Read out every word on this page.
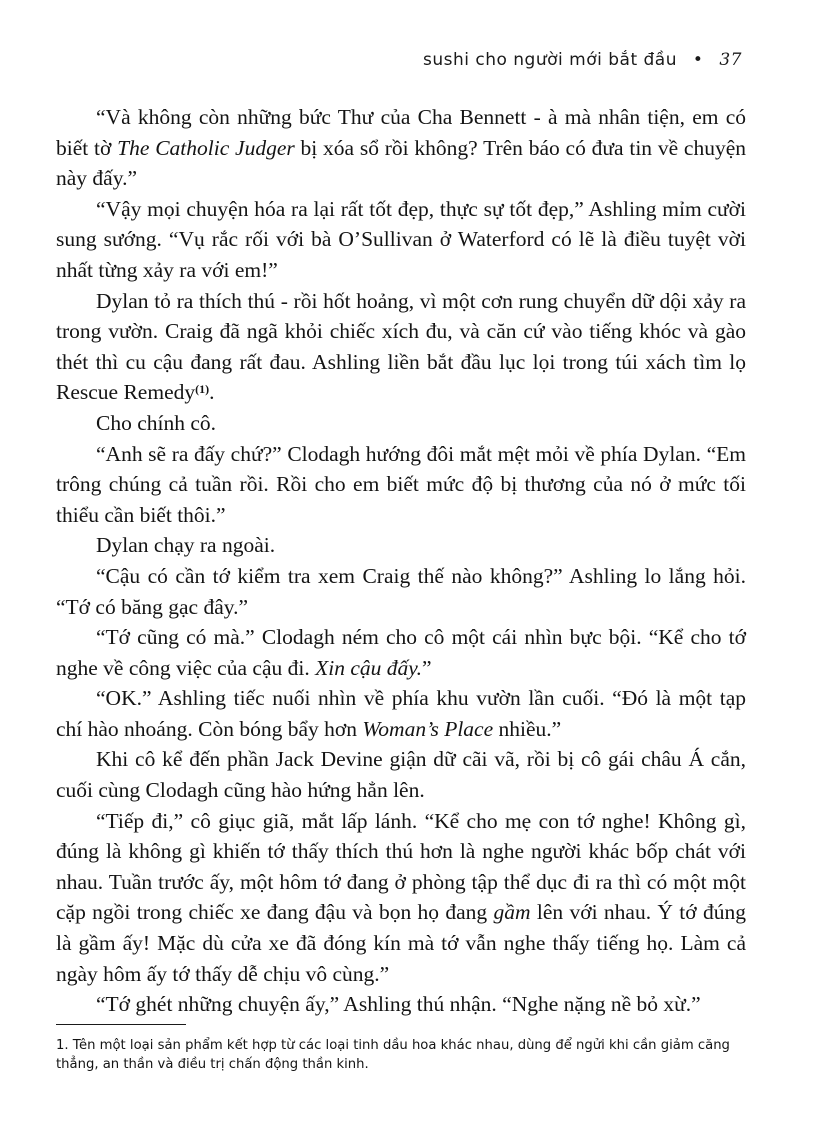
sushi cho người mới bắt đầu • 37

“Và không còn những bức Thư của Cha Bennett - à mà nhân tiện, em có biết tờ The Catholic Judger bị xóa sổ rồi không? Trên báo có đưa tin về chuyện này đấy.”

“Vậy mọi chuyện hóa ra lại rất tốt đẹp, thực sự tốt đẹp,” Ashling mỉm cười sung sướng. “Vụ rắc rối với bà O’Sullivan ở Waterford có lẽ là điều tuyệt vời nhất từng xảy ra với em!”

Dylan tỏ ra thích thú - rồi hốt hoảng, vì một cơn rung chuyển dữ dội xảy ra trong vườn. Craig đã ngã khỏi chiếc xích đu, và căn cứ vào tiếng khóc và gào thét thì cu cậu đang rất đau. Ashling liền bắt đầu lục lọi trong túi xách tìm lọ Rescue Remedy$^{(1)}$.

Cho chính cô.

“Anh sẽ ra đấy chứ?” Clodagh hướng đôi mắt mệt mỏi về phía Dylan. “Em trông chúng cả tuần rồi. Rồi cho em biết mức độ bị thương của nó ở mức tối thiểu cần biết thôi.”

Dylan chạy ra ngoài.

“Cậu có cần tớ kiểm tra xem Craig thế nào không?” Ashling lo lắng hỏi. “Tớ có băng gạc đây.”

“Tớ cũng có mà.” Clodagh ném cho cô một cái nhìn bực bội. “Kể cho tớ nghe về công việc của cậu đi. Xin cậu đấy.”

“OK.” Ashling tiếc nuối nhìn về phía khu vườn lần cuối. “Đó là một tạp chí hào nhoáng. Còn bóng bẩy hơn Woman’s Place nhiều.”

Khi cô kể đến phần Jack Devine giận dữ cãi vã, rồi bị cô gái châu Á cắn, cuối cùng Clodagh cũng hào hứng hẳn lên.

“Tiếp đi,” cô giục giã, mắt lấp lánh. “Kể cho mẹ con tớ nghe! Không gì, đúng là không gì khiến tớ thấy thích thú hơn là nghe người khác bốp chát với nhau. Tuần trước ấy, một hôm tớ đang ở phòng tập thể dục đi ra thì có một một cặp ngồi trong chiếc xe đang đậu và bọn họ đang gầm lên với nhau. Ý tớ đúng là gầm ấy! Mặc dù cửa xe đã đóng kín mà tớ vẫn nghe thấy tiếng họ. Làm cả ngày hôm ấy tớ thấy dễ chịu vô cùng.”

“Tớ ghét những chuyện ấy,” Ashling thú nhận. “Nghe nặng nề bỏ xừ.”

1. Tên một loại sản phẩm kết hợp từ các loại tinh dầu hoa khác nhau, dùng để ngửi khi cần giảm căng thẳng, an thần và điều trị chấn động thần kinh.
